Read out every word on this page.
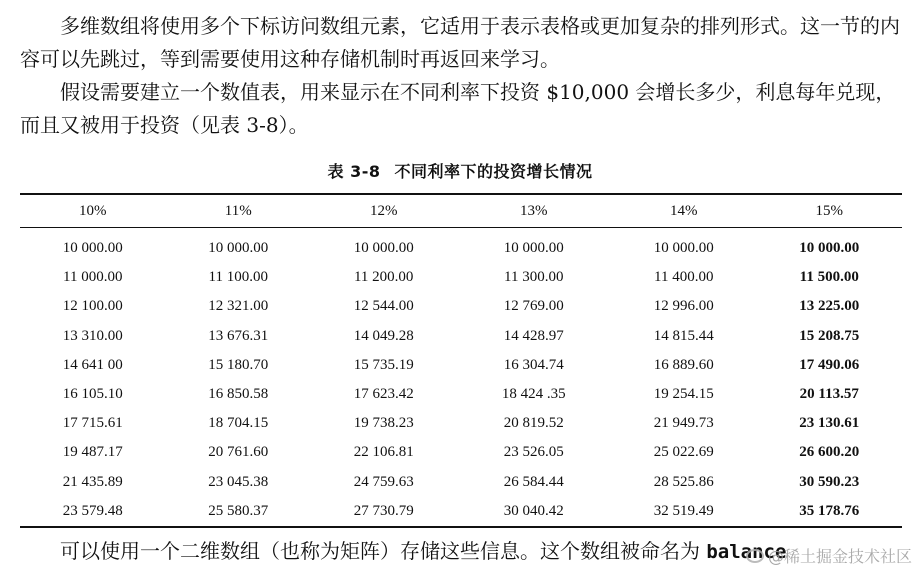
多维数组将使用多个下标访问数组元素，它适用于表示表格或更加复杂的排列形式。这一节的内容可以先跳过，等到需要使用这种存储机制时再返回来学习。

假设需要建立一个数值表，用来显示在不同利率下投资 $10,000 会增长多少，利息每年兑现，而且又被用于投资（见表 3-8）。

表 3-8 不同利率下的投资增长情况
10%	11%	12%	13%	14%	15%
10 000.00	10 000.00	10 000.00	10 000.00	10 000.00	10 000.00
11 000.00	11 100.00	11 200.00	11 300.00	11 400.00	11 500.00
12 100.00	12 321.00	12 544.00	12 769.00	12 996.00	13 225.00
13 310.00	13 676.31	14 049.28	14 428.97	14 815.44	15 208.75
14 641 00	15 180.70	15 735.19	16 304.74	16 889.60	17 490.06
16 105.10	16 850.58	17 623.42	18 424 .35	19 254.15	20 113.57
17 715.61	18 704.15	19 738.23	20 819.52	21 949.73	23 130.61
19 487.17	20 761.60	22 106.81	23 526.05	25 022.69	26 600.20
21 435.89	23 045.38	24 759.63	26 584.44	28 525.86	30 590.23
23 579.48	25 580.37	27 730.79	30 040.42	32 519.49	35 178.76

可以使用一个二维数组（也称为矩阵）存储这些信息。这个数组被命名为 balance

@稀土掘金技术社区
